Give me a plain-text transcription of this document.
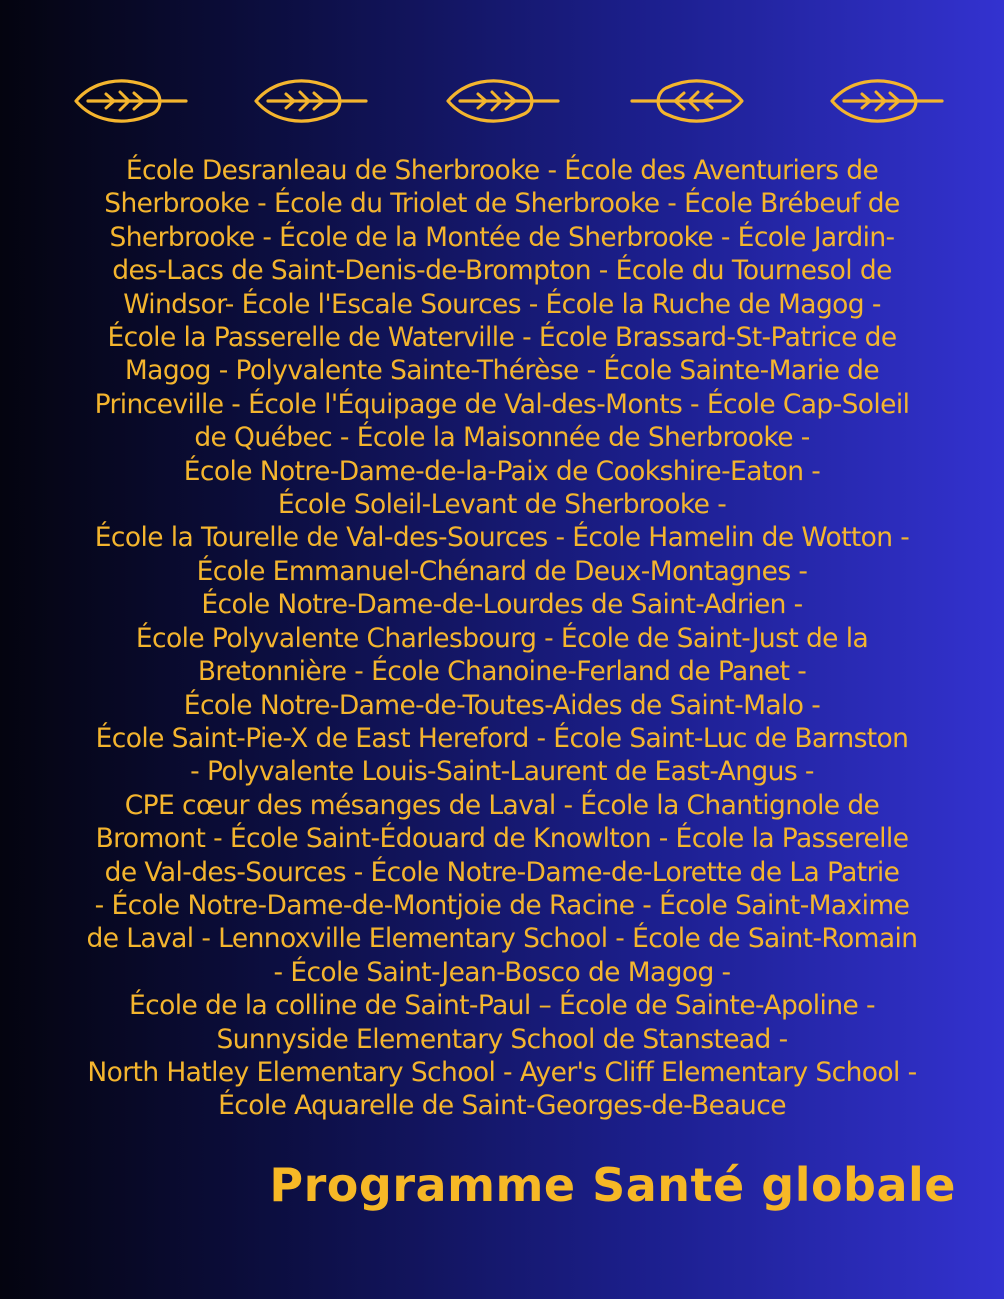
École Desranleau de Sherbrooke - École des Aventuriers de
Sherbrooke - École du Triolet de Sherbrooke - École Brébeuf de
Sherbrooke - École de la Montée de Sherbrooke - École Jardin-
des-Lacs de Saint-Denis-de-Brompton - École du Tournesol de
Windsor- École l'Escale Sources - École la Ruche de Magog -
École la Passerelle de Waterville - École Brassard-St-Patrice de
Magog - Polyvalente Sainte-Thérèse - École Sainte-Marie de
Princeville - École l'Équipage de Val-des-Monts - École Cap-Soleil
de Québec - École la Maisonnée de Sherbrooke -
École Notre-Dame-de-la-Paix de Cookshire-Eaton -
École Soleil-Levant de Sherbrooke -
École la Tourelle de Val-des-Sources - École Hamelin de Wotton -
École Emmanuel-Chénard de Deux-Montagnes -
École Notre-Dame-de-Lourdes de Saint-Adrien -
École Polyvalente Charlesbourg - École de Saint-Just de la
Bretonnière - École Chanoine-Ferland de Panet -
École Notre-Dame-de-Toutes-Aides de Saint-Malo -
École Saint-Pie-X de East Hereford - École Saint-Luc de Barnston
- Polyvalente Louis-Saint-Laurent de East-Angus -
CPE cœur des mésanges de Laval - École la Chantignole de
Bromont - École Saint-Édouard de Knowlton - École la Passerelle
de Val-des-Sources - École Notre-Dame-de-Lorette de La Patrie
- École Notre-Dame-de-Montjoie de Racine - École Saint-Maxime
de Laval - Lennoxville Elementary School - École de Saint-Romain
- École Saint-Jean-Bosco de Magog -
École de la colline de Saint-Paul – École de Sainte-Apoline -
Sunnyside Elementary School de Stanstead -
North Hatley Elementary School - Ayer's Cliff Elementary School -
École Aquarelle de Saint-Georges-de-Beauce
Programme Santé globale
